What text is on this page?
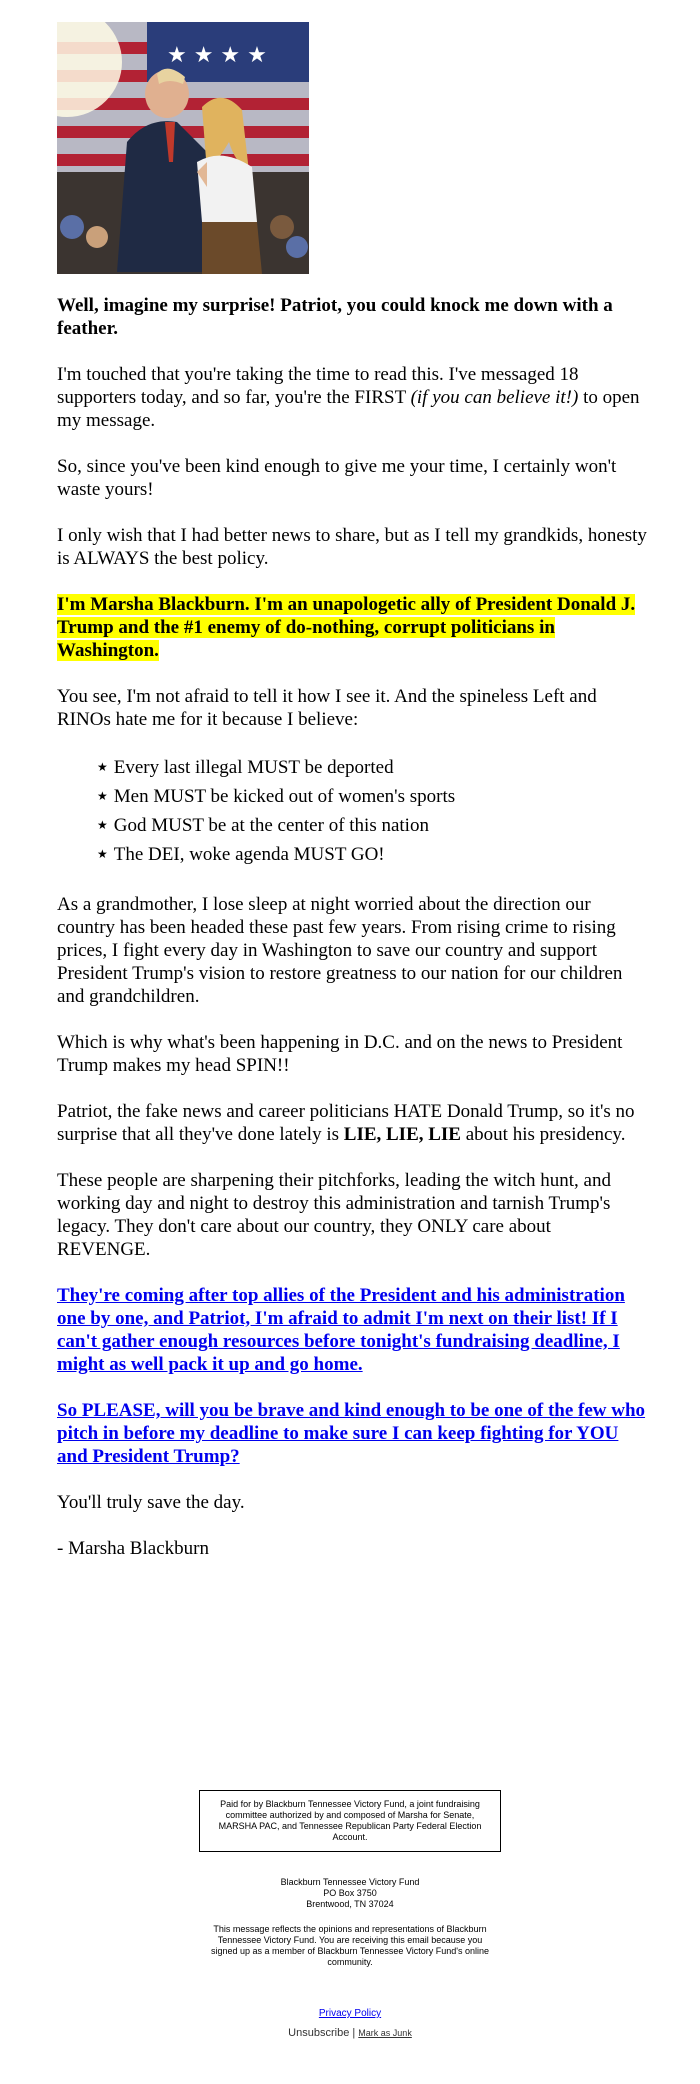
★ ★ ★ ★

Well, imagine my surprise! Patriot, you could knock me down with a feather.

I'm touched that you're taking the time to read this. I've messaged 18 supporters today, and so far, you're the FIRST (if you can believe it!) to open my message.

So, since you've been kind enough to give me your time, I certainly won't waste yours!

I only wish that I had better news to share, but as I tell my grandkids, honesty is ALWAYS the best policy.

I'm Marsha Blackburn. I'm an unapologetic ally of President Donald J. Trump and the #1 enemy of do-nothing, corrupt politicians in Washington.

You see, I'm not afraid to tell it how I see it. And the spineless Left and RINOs hate me for it because I believe:

★ Every last illegal MUST be deported
★ Men MUST be kicked out of women's sports
★ God MUST be at the center of this nation
★ The DEI, woke agenda MUST GO!

As a grandmother, I lose sleep at night worried about the direction our country has been headed these past few years. From rising crime to rising prices, I fight every day in Washington to save our country and support President Trump's vision to restore greatness to our nation for our children and grandchildren.

Which is why what's been happening in D.C. and on the news to President Trump makes my head SPIN!!

Patriot, the fake news and career politicians HATE Donald Trump, so it's no surprise that all they've done lately is LIE, LIE, LIE about his presidency.

These people are sharpening their pitchforks, leading the witch hunt, and working day and night to destroy this administration and tarnish Trump's legacy. They don't care about our country, they ONLY care about REVENGE.

They're coming after top allies of the President and his administration one by one, and Patriot, I'm afraid to admit I'm next on their list! If I can't gather enough resources before tonight's fundraising deadline, I might as well pack it up and go home.

So PLEASE, will you be brave and kind enough to be one of the few who pitch in before my deadline to make sure I can keep fighting for YOU and President Trump?

You'll truly save the day.

- Marsha Blackburn

Paid for by Blackburn Tennessee Victory Fund, a joint fundraising committee authorized by and composed of Marsha for Senate, MARSHA PAC, and Tennessee Republican Party Federal Election Account.
Blackburn Tennessee Victory Fund
PO Box 3750
Brentwood, TN 37024
This message reflects the opinions and representations of Blackburn Tennessee Victory Fund. You are receiving this email because you signed up as a member of Blackburn Tennessee Victory Fund's online community.
Privacy Policy
Unsubscribe | Mark as Junk
